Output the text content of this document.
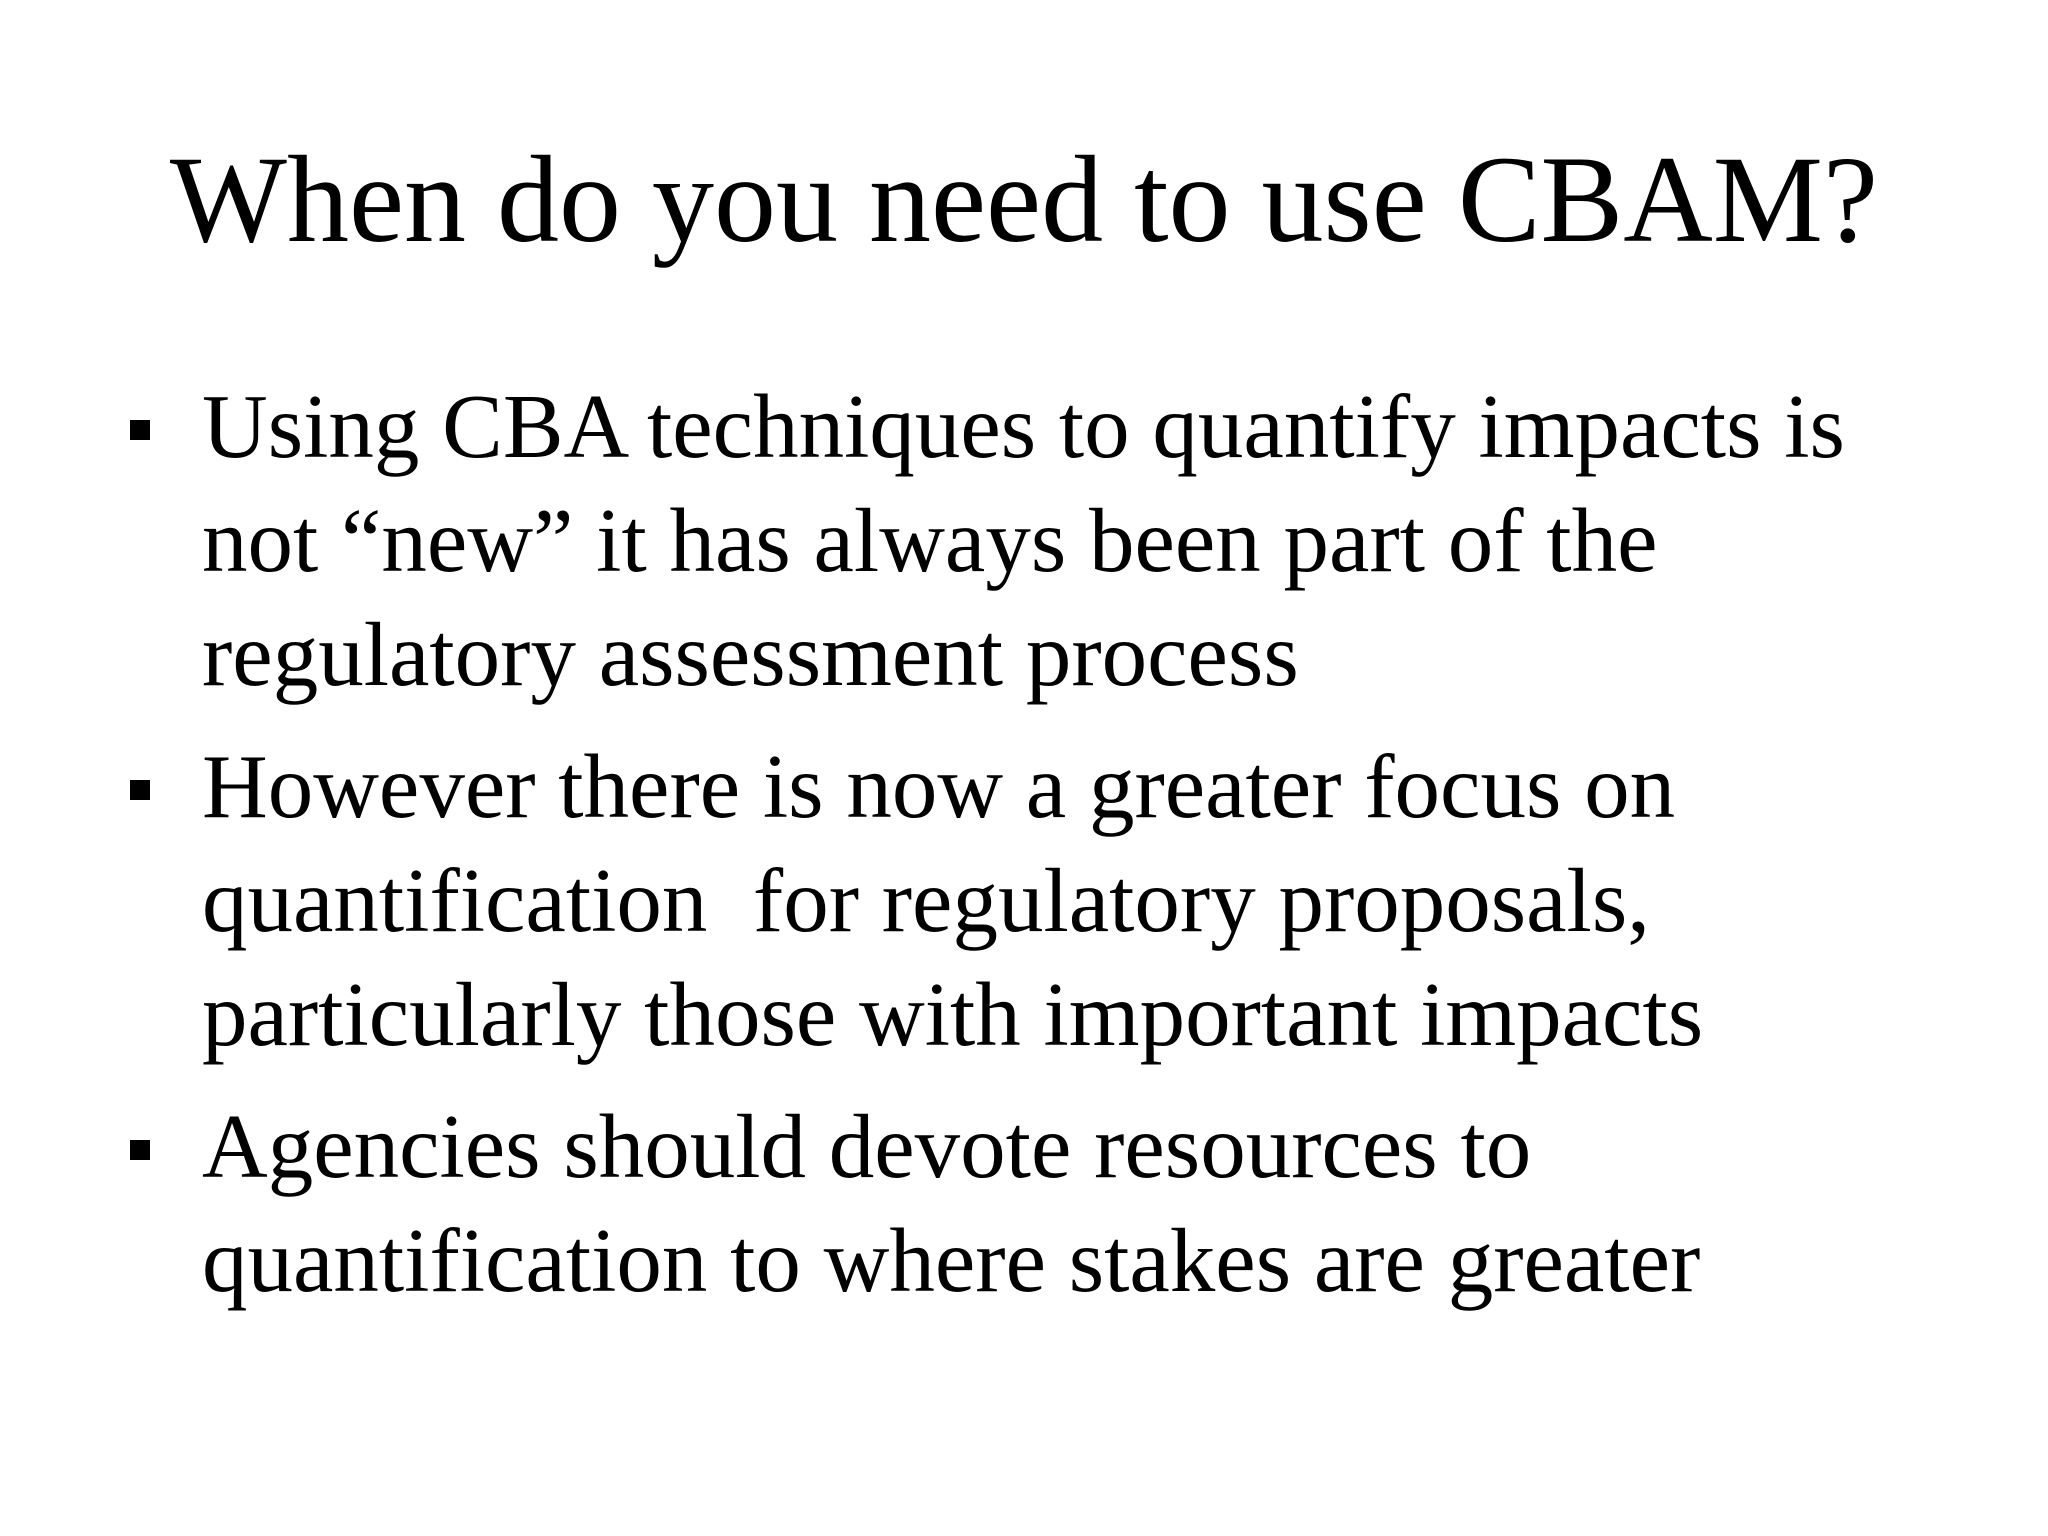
When do you need to use CBAM?
Using CBA techniques to quantify impacts is
not “new” it has always been part of the
regulatory assessment process
However there is now a greater focus on
quantification  for regulatory proposals,
particularly those with important impacts
Agencies should devote resources to
quantification to where stakes are greater
